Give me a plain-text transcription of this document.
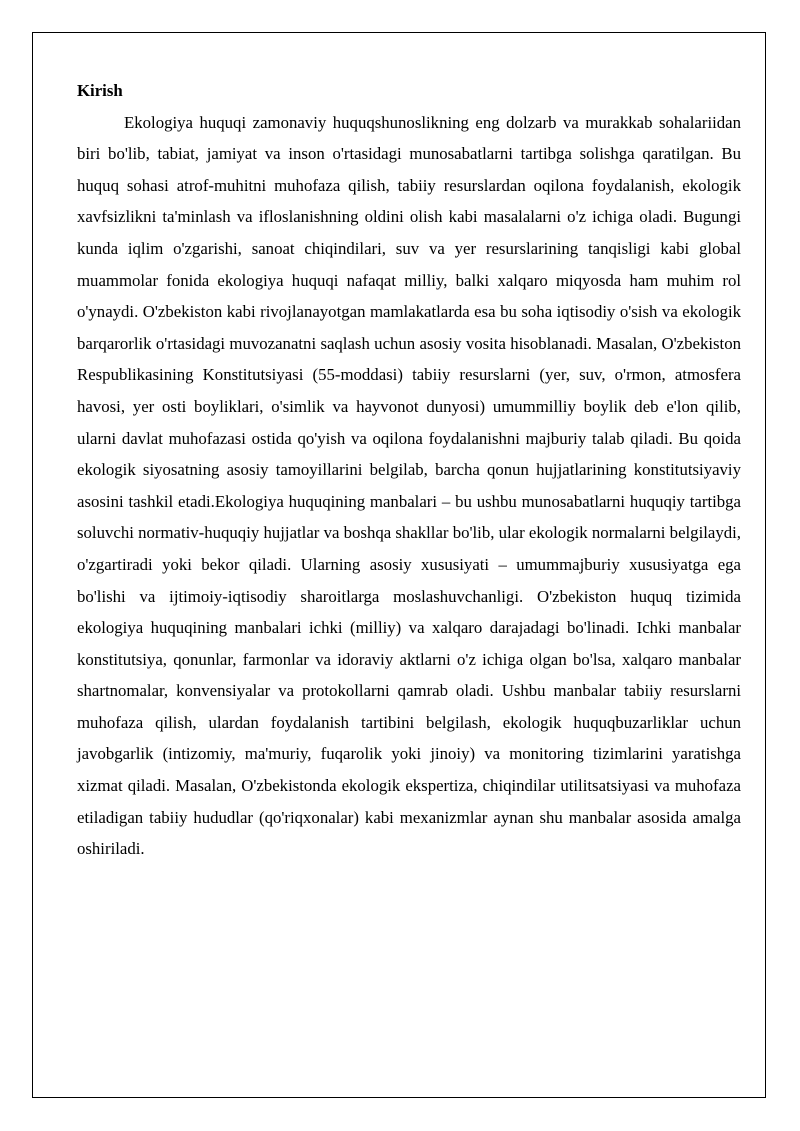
Kirish

Ekologiya huquqi zamonaviy huquqshunoslikning eng dolzarb va murakkab sohalariidan biri bo'lib, tabiat, jamiyat va inson o'rtasidagi munosabatlarni tartibga solishga qaratilgan. Bu huquq sohasi atrof-muhitni muhofaza qilish, tabiiy resurslardan oqilona foydalanish, ekologik xavfsizlikni ta'minlash va ifloslanishning oldini olish kabi masalalarni o'z ichiga oladi. Bugungi kunda iqlim o'zgarishi, sanoat chiqindilari, suv va yer resurslarining tanqisligi kabi global muammolar fonida ekologiya huquqi nafaqat milliy, balki xalqaro miqyosda ham muhim rol o'ynaydi. O'zbekiston kabi rivojlanayotgan mamlakatlarda esa bu soha iqtisodiy o'sish va ekologik barqarorlik o'rtasidagi muvozanatni saqlash uchun asosiy vosita hisoblanadi. Masalan, O'zbekiston Respublikasining Konstitutsiyasi (55-moddasi) tabiiy resurslarni (yer, suv, o'rmon, atmosfera havosi, yer osti boyliklari, o'simlik va hayvonot dunyosi) umummilliy boylik deb e'lon qilib, ularni davlat muhofazasi ostida qo'yish va oqilona foydalanishni majburiy talab qiladi. Bu qoida ekologik siyosatning asosiy tamoyillarini belgilab, barcha qonun hujjatlarining konstitutsiyaviy asosini tashkil etadi.Ekologiya huquqining manbalari – bu ushbu munosabatlarni huquqiy tartibga soluvchi normativ-huquqiy hujjatlar va boshqa shakllar bo'lib, ular ekologik normalarni belgilaydi, o'zgartiradi yoki bekor qiladi. Ularning asosiy xususiyati – umummajburiy xususiyatga ega bo'lishi va ijtimoiy-iqtisodiy sharoitlarga moslashuvchanligi. O'zbekiston huquq tizimida ekologiya huquqining manbalari ichki (milliy) va xalqaro darajadagi bo'linadi. Ichki manbalar konstitutsiya, qonunlar, farmonlar va idoraviy aktlarni o'z ichiga olgan bo'lsa, xalqaro manbalar shartnomalar, konvensiyalar va protokollarni qamrab oladi. Ushbu manbalar tabiiy resurslarni muhofaza qilish, ulardan foydalanish tartibini belgilash, ekologik huquqbuzarliklar uchun javobgarlik (intizomiy, ma'muriy, fuqarolik yoki jinoiy) va monitoring tizimlarini yaratishga xizmat qiladi. Masalan, O'zbekistonda ekologik ekspertiza, chiqindilar utilitsatsiyasi va muhofaza etiladigan tabiiy hududlar (qo'riqxonalar) kabi mexanizmlar aynan shu manbalar asosida amalga oshiriladi.
